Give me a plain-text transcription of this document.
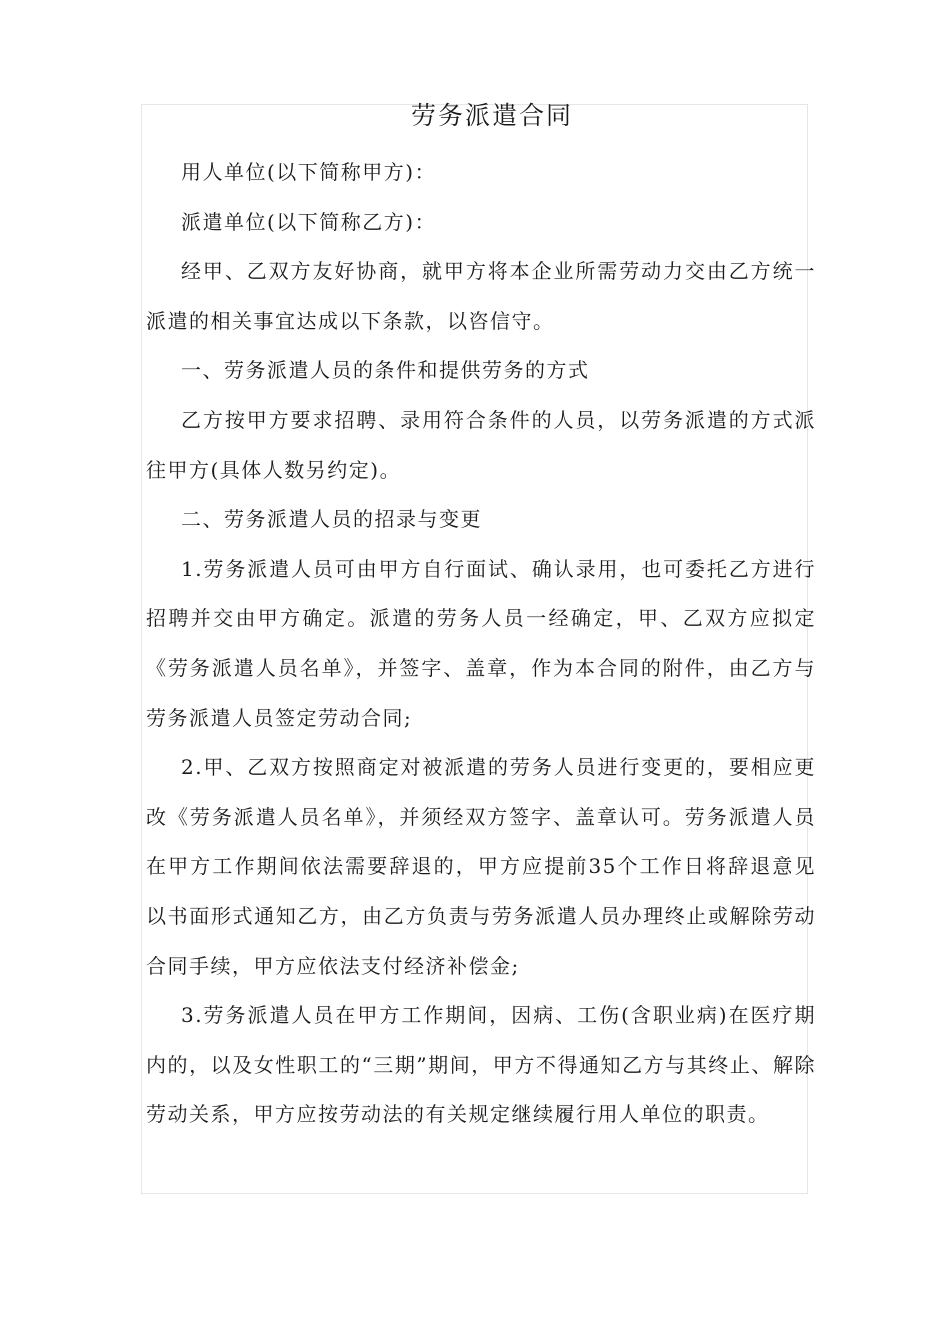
劳务派遣合同

用人单位(以下简称甲方)：

派遣单位(以下简称乙方)：

经甲、乙双方友好协商，就甲方将本企业所需劳动力交由乙方统一派遣的相关事宜达成以下条款，以咨信守。

一、劳务派遣人员的条件和提供劳务的方式

乙方按甲方要求招聘、录用符合条件的人员，以劳务派遣的方式派往甲方(具体人数另约定)。

二、劳务派遣人员的招录与变更

1.劳务派遣人员可由甲方自行面试、确认录用，也可委托乙方进行招聘并交由甲方确定。派遣的劳务人员一经确定，甲、乙双方应拟定《劳务派遣人员名单》，并签字、盖章，作为本合同的附件，由乙方与劳务派遣人员签定劳动合同;

2.甲、乙双方按照商定对被派遣的劳务人员进行变更的，要相应更改《劳务派遣人员名单》，并须经双方签字、盖章认可。劳务派遣人员在甲方工作期间依法需要辞退的，甲方应提前35个工作日将辞退意见以书面形式通知乙方，由乙方负责与劳务派遣人员办理终止或解除劳动合同手续，甲方应依法支付经济补偿金;

3.劳务派遣人员在甲方工作期间，因病、工伤(含职业病)在医疗期内的，以及女性职工的“三期”期间，甲方不得通知乙方与其终止、解除劳动关系，甲方应按劳动法的有关规定继续履行用人单位的职责。
